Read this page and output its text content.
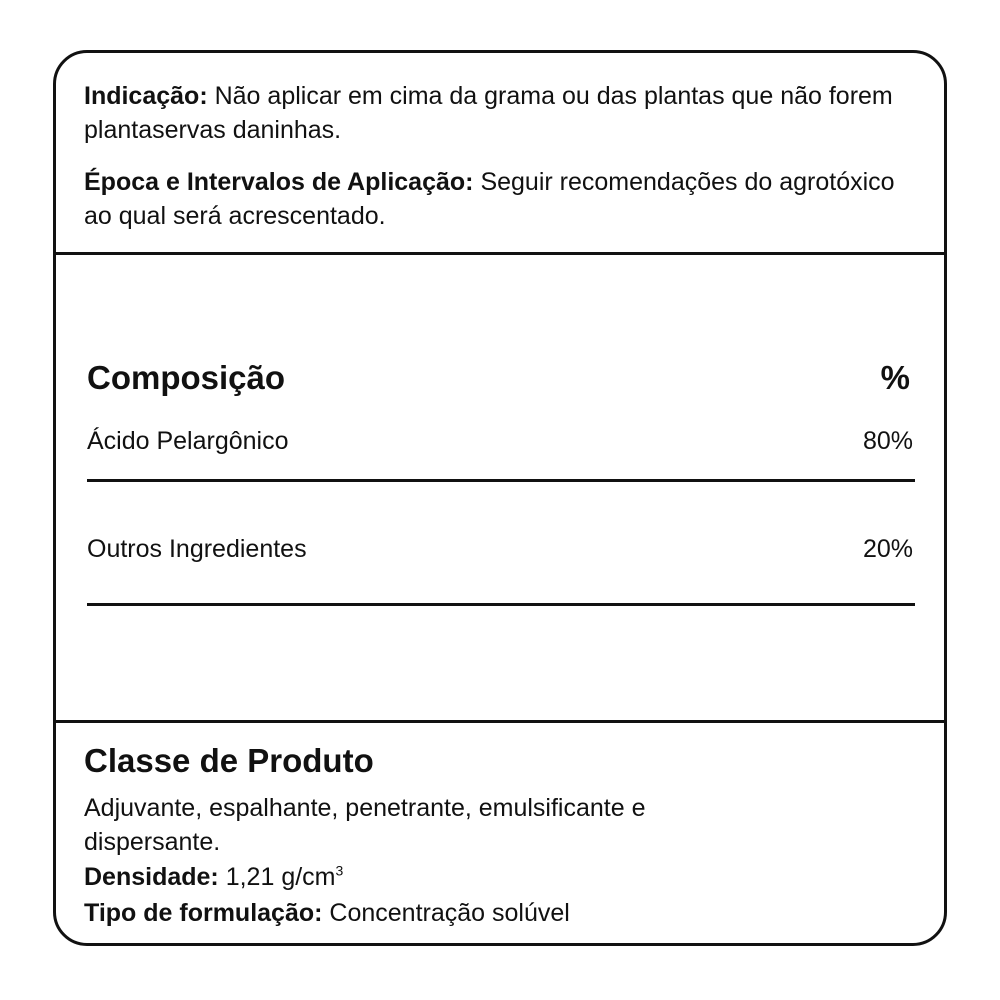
Indicação: Não aplicar em cima da grama ou das plantas que não forem plantaservas daninhas.

Época e Intervalos de Aplicação: Seguir recomendações do agrotóxico ao qual será acrescentado.

Composição	%
Ácido Pelargônico	80%
Outros Ingredientes	20%
Classe de Produto

Adjuvante, espalhante, penetrante, emulsificante e dispersante.

Densidade: 1,21 $g/cm^3$

Tipo de formulação: Concentração solúvel
